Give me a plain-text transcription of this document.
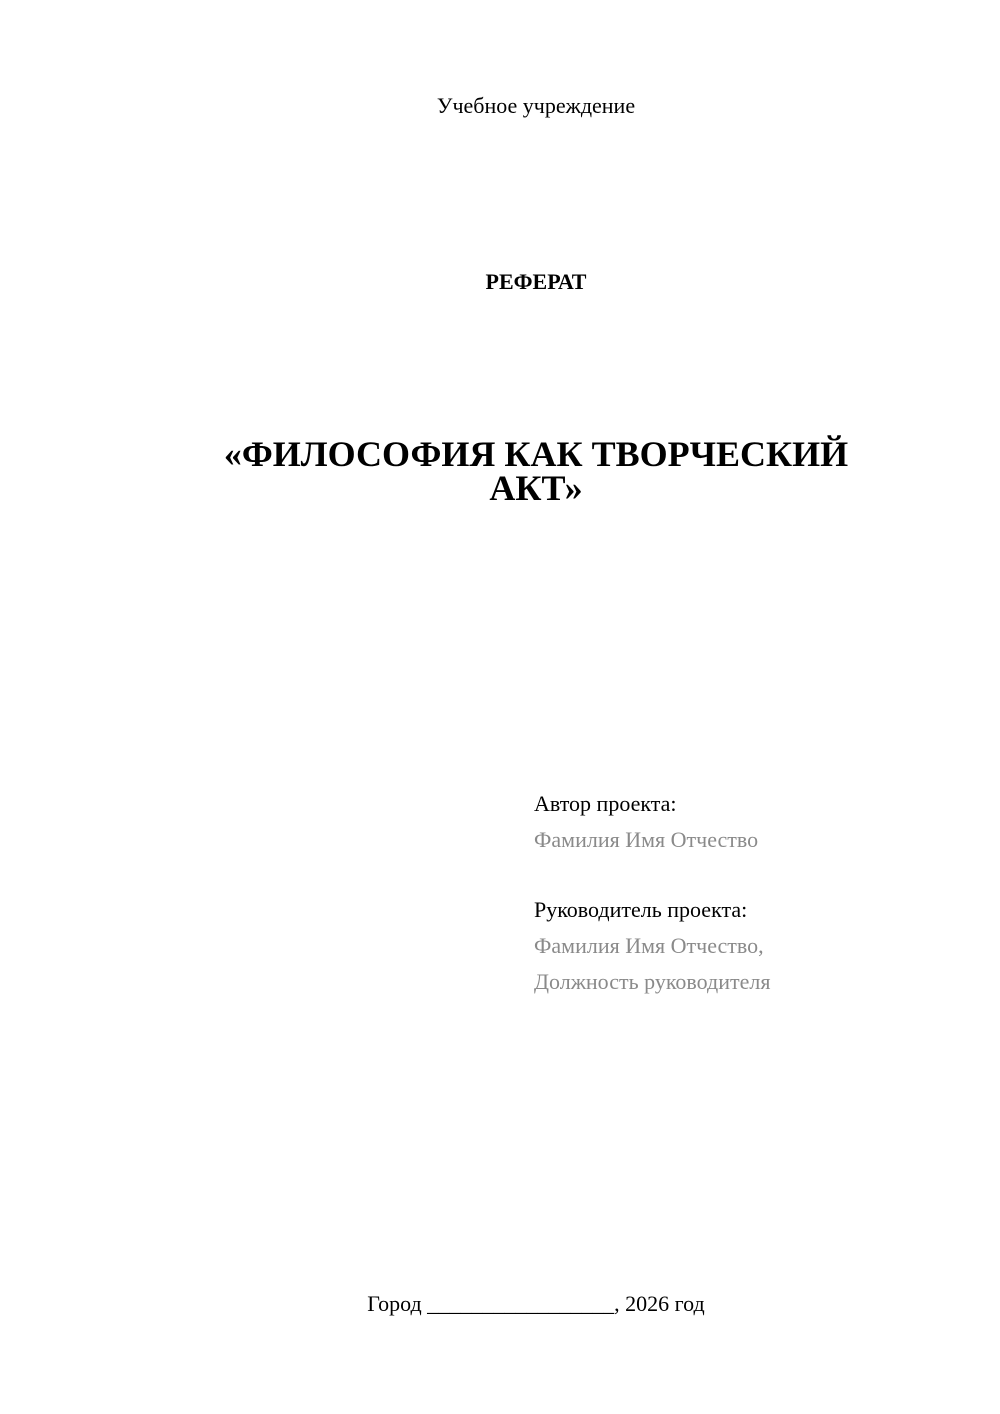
Учебное учреждение
РЕФЕРАТ
«ФИЛОСОФИЯ КАК ТВОРЧЕСКИЙ
АКТ»
Автор проекта:
Фамилия Имя Отчество
Руководитель проекта:
Фамилия Имя Отчество,
Должность руководителя
Город _________________, 2026 год
